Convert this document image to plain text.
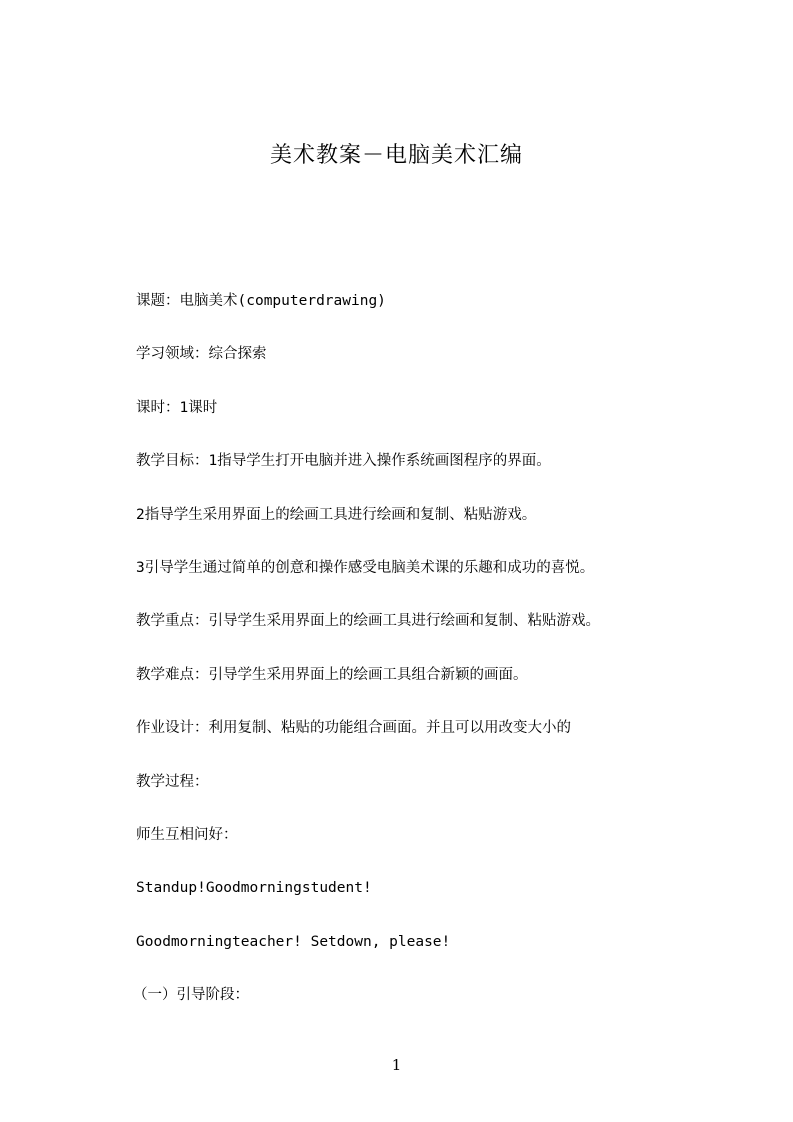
美术教案－电脑美术汇编
课题：电脑美术(computerdrawing)
学习领域：综合探索
课时：1课时
教学目标：1指导学生打开电脑并进入操作系统画图程序的界面。
2指导学生采用界面上的绘画工具进行绘画和复制、粘贴游戏。
3引导学生通过简单的创意和操作感受电脑美术课的乐趣和成功的喜悦。
教学重点：引导学生采用界面上的绘画工具进行绘画和复制、粘贴游戏。
教学难点：引导学生采用界面上的绘画工具组合新颖的画面。
作业设计：利用复制、粘贴的功能组合画面。并且可以用改变大小的
教学过程：
师生互相问好：
Standup!Goodmorningstudent!
Goodmorningteacher! Setdown, please!
（一）引导阶段：
1
